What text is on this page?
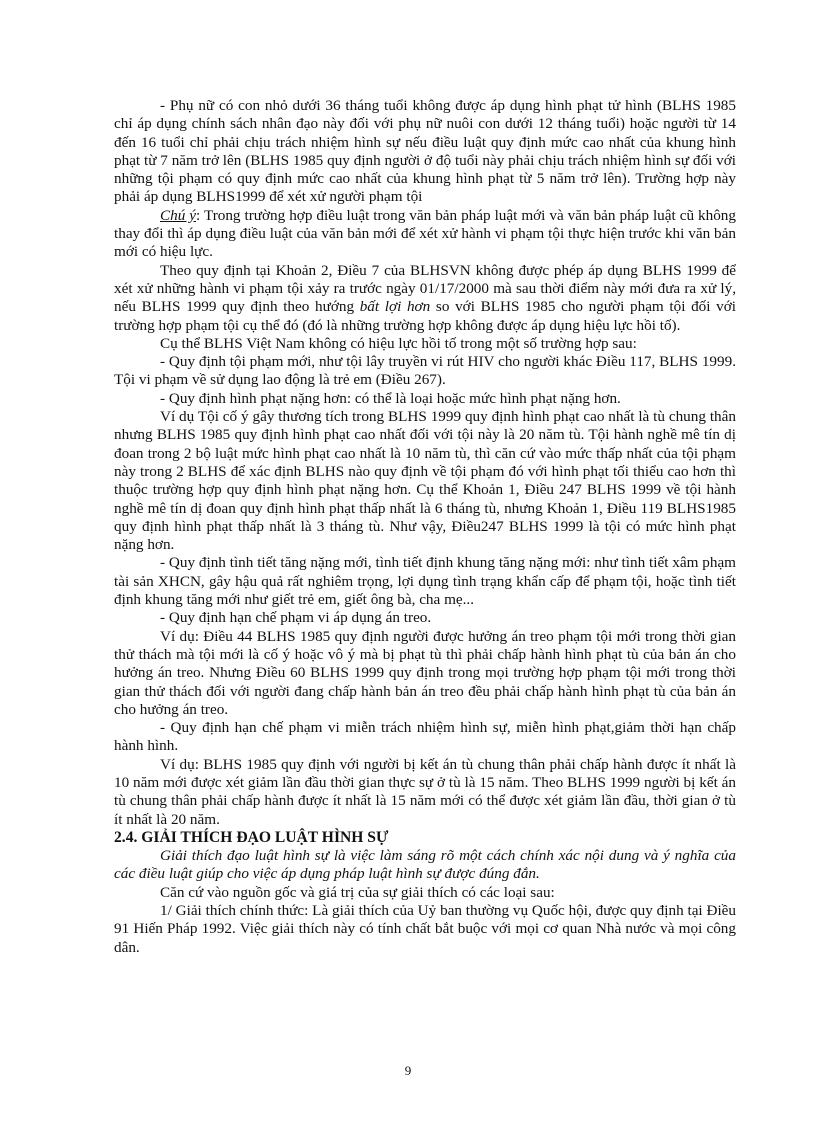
- Phụ nữ có con nhỏ dưới 36 tháng tuổi không được áp dụng hình phạt tử hình (BLHS 1985 chỉ áp dụng chính sách nhân đạo này đối với phụ nữ nuôi con dưới 12 tháng tuổi) hoặc người từ 14 đến 16 tuổi chỉ phải chịu trách nhiệm hình sự nếu điều luật quy định mức cao nhất của khung hình phạt từ 7 năm trở lên (BLHS 1985 quy định người ở độ tuổi này phải chịu trách nhiệm hình sự đối với những tội phạm có quy định mức cao nhất của khung hình phạt từ 5 năm trở lên). Trường hợp này phải áp dụng BLHS1999 để xét xử người phạm tội

Chú ý: Trong trường hợp điều luật trong văn bản pháp luật mới và văn bản pháp luật cũ không thay đổi thì áp dụng điều luật của văn bản mới để xét xử hành vi phạm tội thực hiện trước khi văn bản mới có hiệu lực.

Theo quy định tại Khoản 2, Điều 7 của BLHSVN không được phép áp dụng BLHS 1999 để xét xử những hành vi phạm tội xảy ra trước ngày 01/17/2000 mà sau thời điểm này mới đưa ra xử lý, nếu BLHS 1999 quy định theo hướng bất lợi hơn so với BLHS 1985 cho người phạm tội đối với trường hợp phạm tội cụ thể đó (đó là những trường hợp không được áp dụng hiệu lực hồi tố).

Cụ thể BLHS Việt Nam không có hiệu lực hồi tố trong một số trường hợp sau:

- Quy định tội phạm mới, như tội lây truyền vi rút HIV cho người khác Điều 117, BLHS 1999. Tội vi phạm về sử dụng lao động là trẻ em (Điều 267).

- Quy định hình phạt nặng hơn: có thể là loại hoặc mức hình phạt nặng hơn.

Ví dụ Tội cố ý gây thương tích trong BLHS 1999 quy định hình phạt cao nhất là tù chung thân nhưng BLHS 1985 quy định hình phạt cao nhất đối với tội này là 20 năm tù. Tội hành nghề mê tín dị đoan trong 2 bộ luật mức hình phạt cao nhất là 10 năm tù, thì căn cứ vào mức thấp nhất của tội phạm này trong 2 BLHS để xác định BLHS nào quy định về tội phạm đó với hình phạt tối thiểu cao hơn thì thuộc trường hợp quy định hình phạt nặng hơn. Cụ thể Khoản 1, Điều 247 BLHS 1999 về tội hành nghề mê tín dị đoan quy định hình phạt thấp nhất là 6 tháng tù, nhưng Khoản 1, Điều 119 BLHS1985 quy định hình phạt thấp nhất là 3 tháng tù. Như vậy, Điều247 BLHS 1999 là tội có mức hình phạt nặng hơn.

- Quy định tình tiết tăng nặng mới, tình tiết định khung tăng nặng mới: như tình tiết xâm phạm tài sản XHCN, gây hậu quả rất nghiêm trọng, lợi dụng tình trạng khẩn cấp để phạm tội, hoặc tình tiết định khung tăng mới như giết trẻ em, giết ông bà, cha mẹ...

- Quy định hạn chế phạm vi áp dụng án treo.

Ví dụ: Điều 44 BLHS 1985 quy định người được hưởng án treo phạm tội mới trong thời gian thử thách mà tội mới là cố ý hoặc vô ý mà bị phạt tù thì phải chấp hành hình phạt tù của bản án cho hưởng án treo. Nhưng Điều 60 BLHS 1999 quy định trong mọi trường hợp phạm tội mới trong thời gian thử thách đối với người đang chấp hành bản án treo đều phải chấp hành hình phạt tù của bản án cho hưởng án treo.

- Quy định hạn chế phạm vi miễn trách nhiệm hình sự, miễn hình phạt,giảm thời hạn chấp hành hình.

Ví dụ: BLHS 1985 quy định với người bị kết án tù chung thân phải chấp hành được ít nhất là 10 năm mới được xét giảm lần đầu thời gian thực sự ở tù là 15 năm. Theo BLHS 1999 người bị kết án tù chung thân phải chấp hành được ít nhất là 15 năm mới có thể được xét giảm lần đầu, thời gian ở tù ít nhất là 20 năm.

2.4. GIẢI THÍCH ĐẠO LUẬT HÌNH SỰ

Giải thích đạo luật hình sự là việc làm sáng rõ một cách chính xác nội dung và ý nghĩa của các điều luật giúp cho việc áp dụng pháp luật hình sự được đúng đắn.

Căn cứ vào nguồn gốc và giá trị của sự giải thích có các loại sau:

1/ Giải thích chính thức: Là giải thích của Uỷ ban thường vụ Quốc hội, được quy định tại Điều 91 Hiến Pháp 1992. Việc giải thích này có tính chất bắt buộc với mọi cơ quan Nhà nước và mọi công dân.

9
